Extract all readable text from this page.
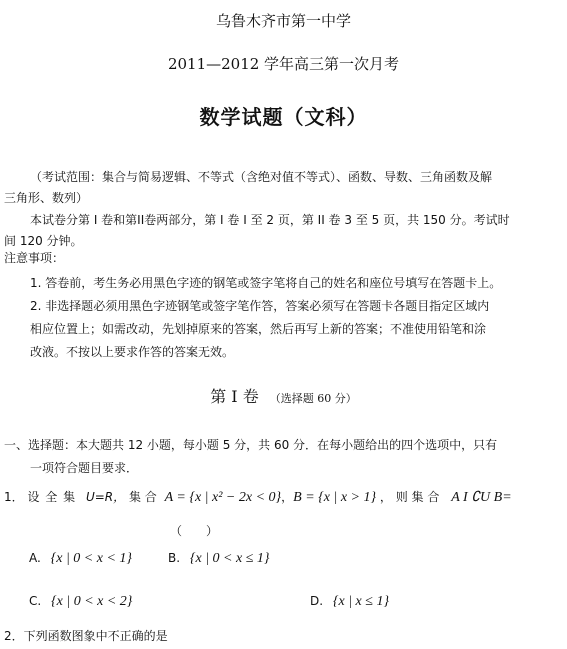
乌鲁木齐市第一中学
2011—2012 学年高三第一次月考
数学试题（文科）

（考试范围：集合与简易逻辑、不等式（含绝对值不等式）、函数、导数、三角函数及解

三角形、数列）

本试卷分第 I 卷和第II卷两部分，第 I 卷 I 至 2 页，第 II 卷 3 至 5 页，共 150 分。考试时

间 120 分钟。

注意事项：

1. 答卷前，考生务必用黑色字迹的钢笔或签字笔将自己的姓名和座位号填写在答题卡上。

2. 非选择题必须用黑色字迹钢笔或签字笔作答，答案必须写在答题卡各题目指定区域内

相应位置上；如需改动，先划掉原来的答案，然后再写上新的答案；不准使用铅笔和涂

改液。不按以上要求作答的答案无效。

第 I 卷 （选择题 60 分）

一、选择题：本大题共 12 小题，每小题 5 分，共 60 分．在每小题给出的四个选项中，只有

一项符合题目要求．

1． 设 全 集 U=R， 集 合 A = {x | x² − 2x < 0}，B = {x | x > 1} ， 则 集 合 A I ∁U B=
（　　）
A. {x | 0 < x < 1}	B. {x | 0 < x ≤ 1}
C. {x | 0 < x < 2}	D. {x | x ≤ 1}
2．下列函数图象中不正确的是
